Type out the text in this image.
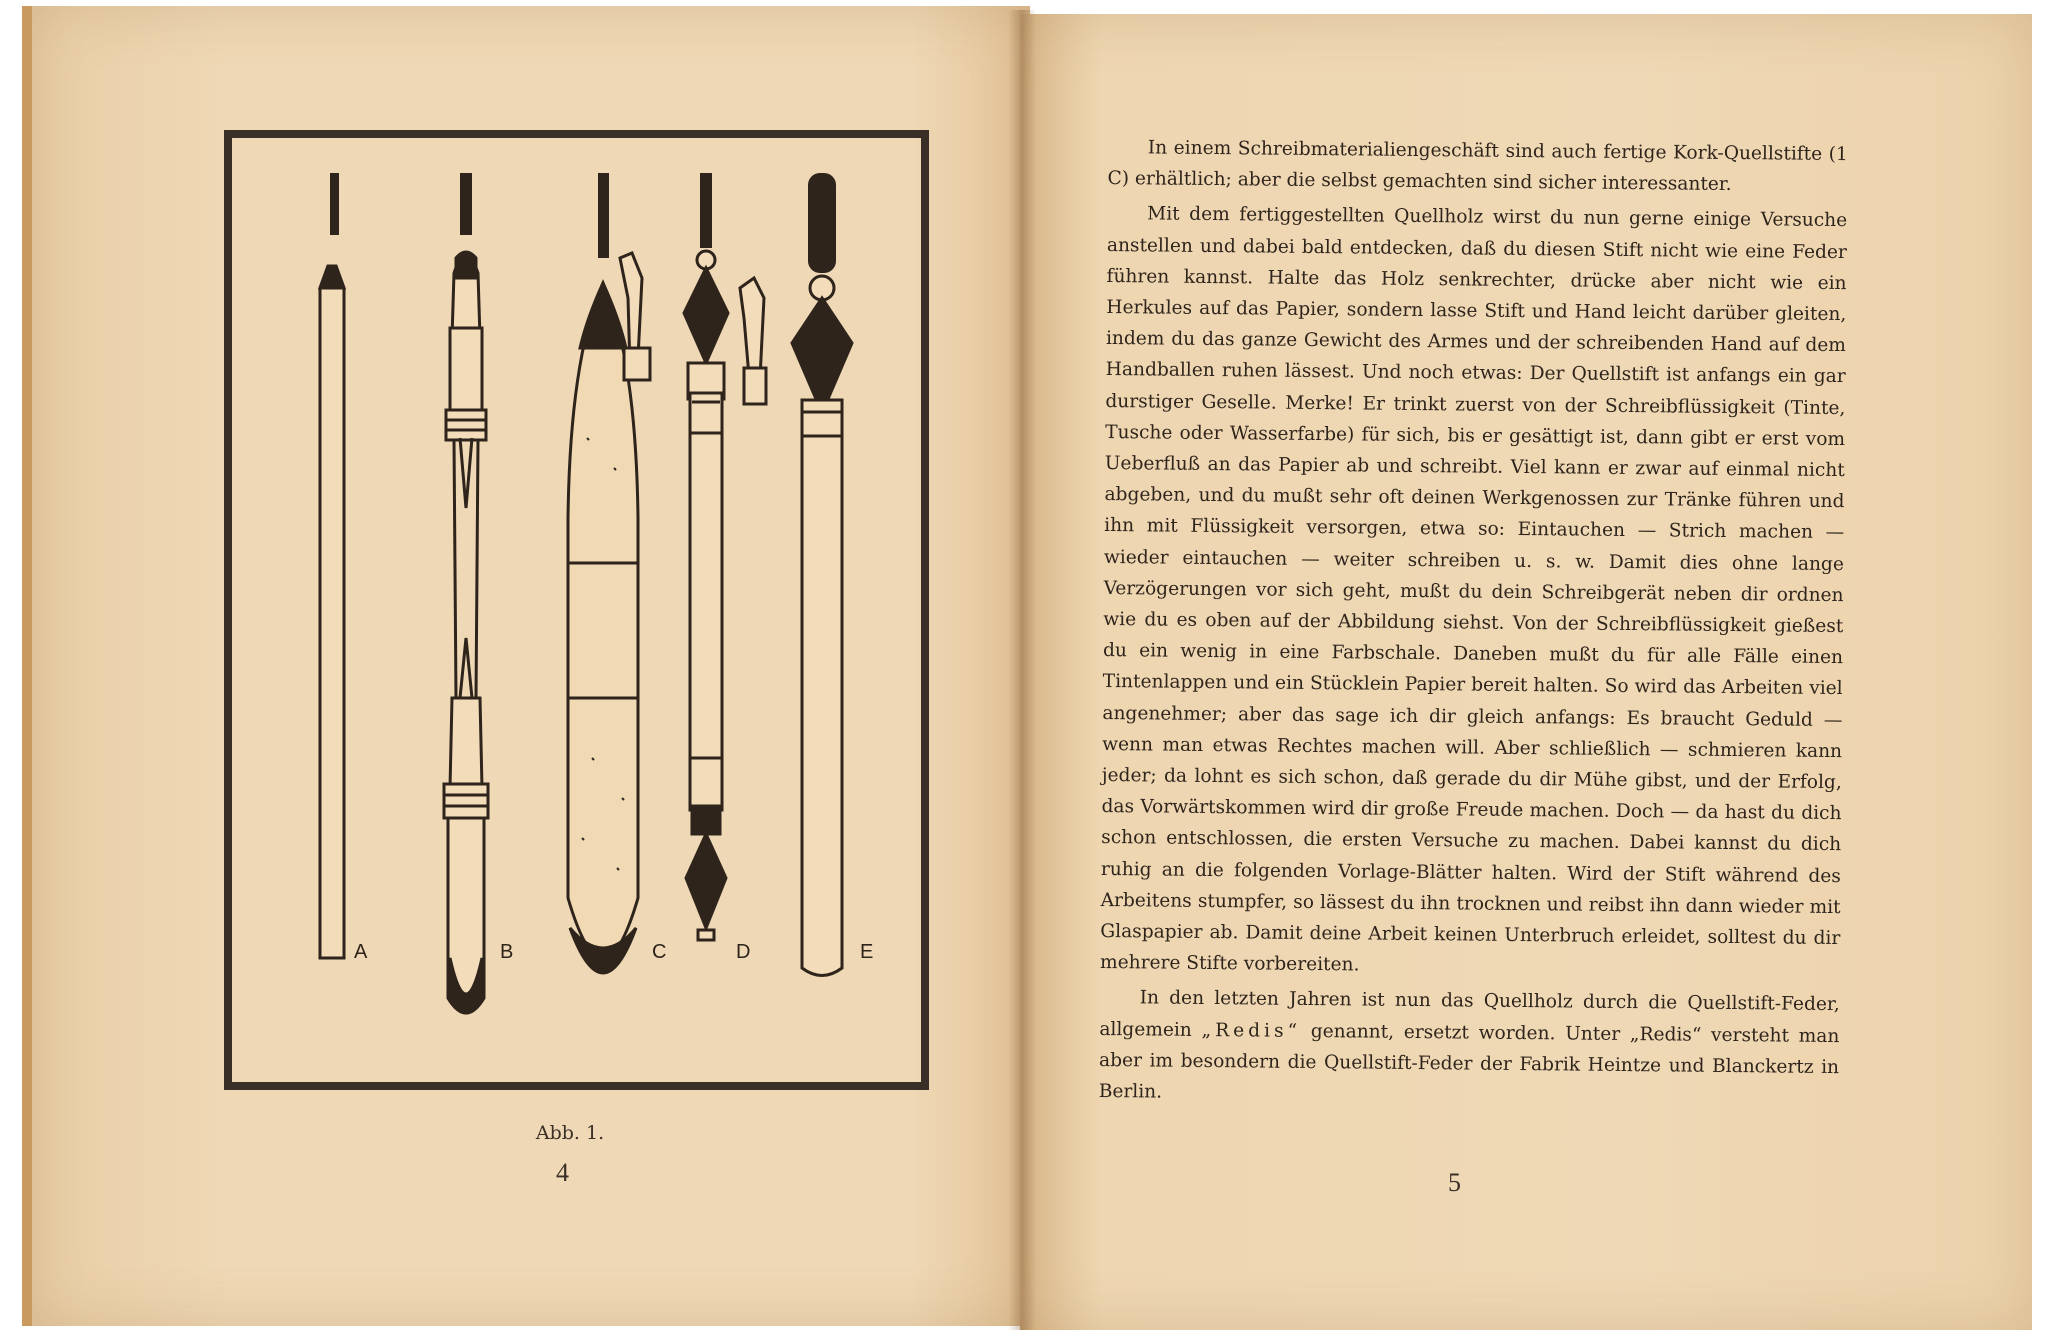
A	B	C	D	E
Abb. 1.
4

In einem Schreibmaterialiengeschäft sind auch fertige Kork-Quellstifte (1 C) erhältlich; aber die selbst gemachten sind sicher interessanter.

Mit dem fertiggestellten Quellholz wirst du nun gerne einige Versuche anstellen und dabei bald entdecken, daß du diesen Stift nicht wie eine Feder führen kannst. Halte das Holz senkrechter, drücke aber nicht wie ein Herkules auf das Papier, sondern lasse Stift und Hand leicht darüber gleiten, indem du das ganze Gewicht des Armes und der schreibenden Hand auf dem Handballen ruhen lässest. Und noch etwas: Der Quellstift ist anfangs ein gar durstiger Geselle. Merke! Er trinkt zuerst von der Schreibflüssigkeit (Tinte, Tusche oder Wasserfarbe) für sich, bis er gesättigt ist, dann gibt er erst vom Ueberfluß an das Papier ab und schreibt. Viel kann er zwar auf einmal nicht abgeben, und du mußt sehr oft deinen Werkgenossen zur Tränke führen und ihn mit Flüssigkeit versorgen, etwa so: Eintauchen — Strich machen — wieder eintauchen — weiter schreiben u. s. w. Damit dies ohne lange Verzögerungen vor sich geht, mußt du dein Schreibgerät neben dir ordnen wie du es oben auf der Abbildung siehst. Von der Schreibflüssigkeit gießest du ein wenig in eine Farbschale. Daneben mußt du für alle Fälle einen Tintenlappen und ein Stücklein Papier bereit halten. So wird das Arbeiten viel angenehmer; aber das sage ich dir gleich anfangs: Es braucht Geduld — wenn man etwas Rechtes machen will. Aber schließlich — schmieren kann jeder; da lohnt es sich schon, daß gerade du dir Mühe gibst, und der Erfolg, das Vorwärtskommen wird dir große Freude machen. Doch — da hast du dich schon entschlossen, die ersten Versuche zu machen. Dabei kannst du dich ruhig an die folgenden Vorlage-Blätter halten. Wird der Stift während des Arbeitens stumpfer, so lässest du ihn trocknen und reibst ihn dann wieder mit Glaspapier ab. Damit deine Arbeit keinen Unterbruch erleidet, solltest du dir mehrere Stifte vorbereiten.

In den letzten Jahren ist nun das Quellholz durch die Quellstift-Feder, allgemein „Redis“ genannt, ersetzt worden. Unter „Redis“ versteht man aber im besondern die Quellstift-Feder der Fabrik Heintze und Blanckertz in Berlin.

5
